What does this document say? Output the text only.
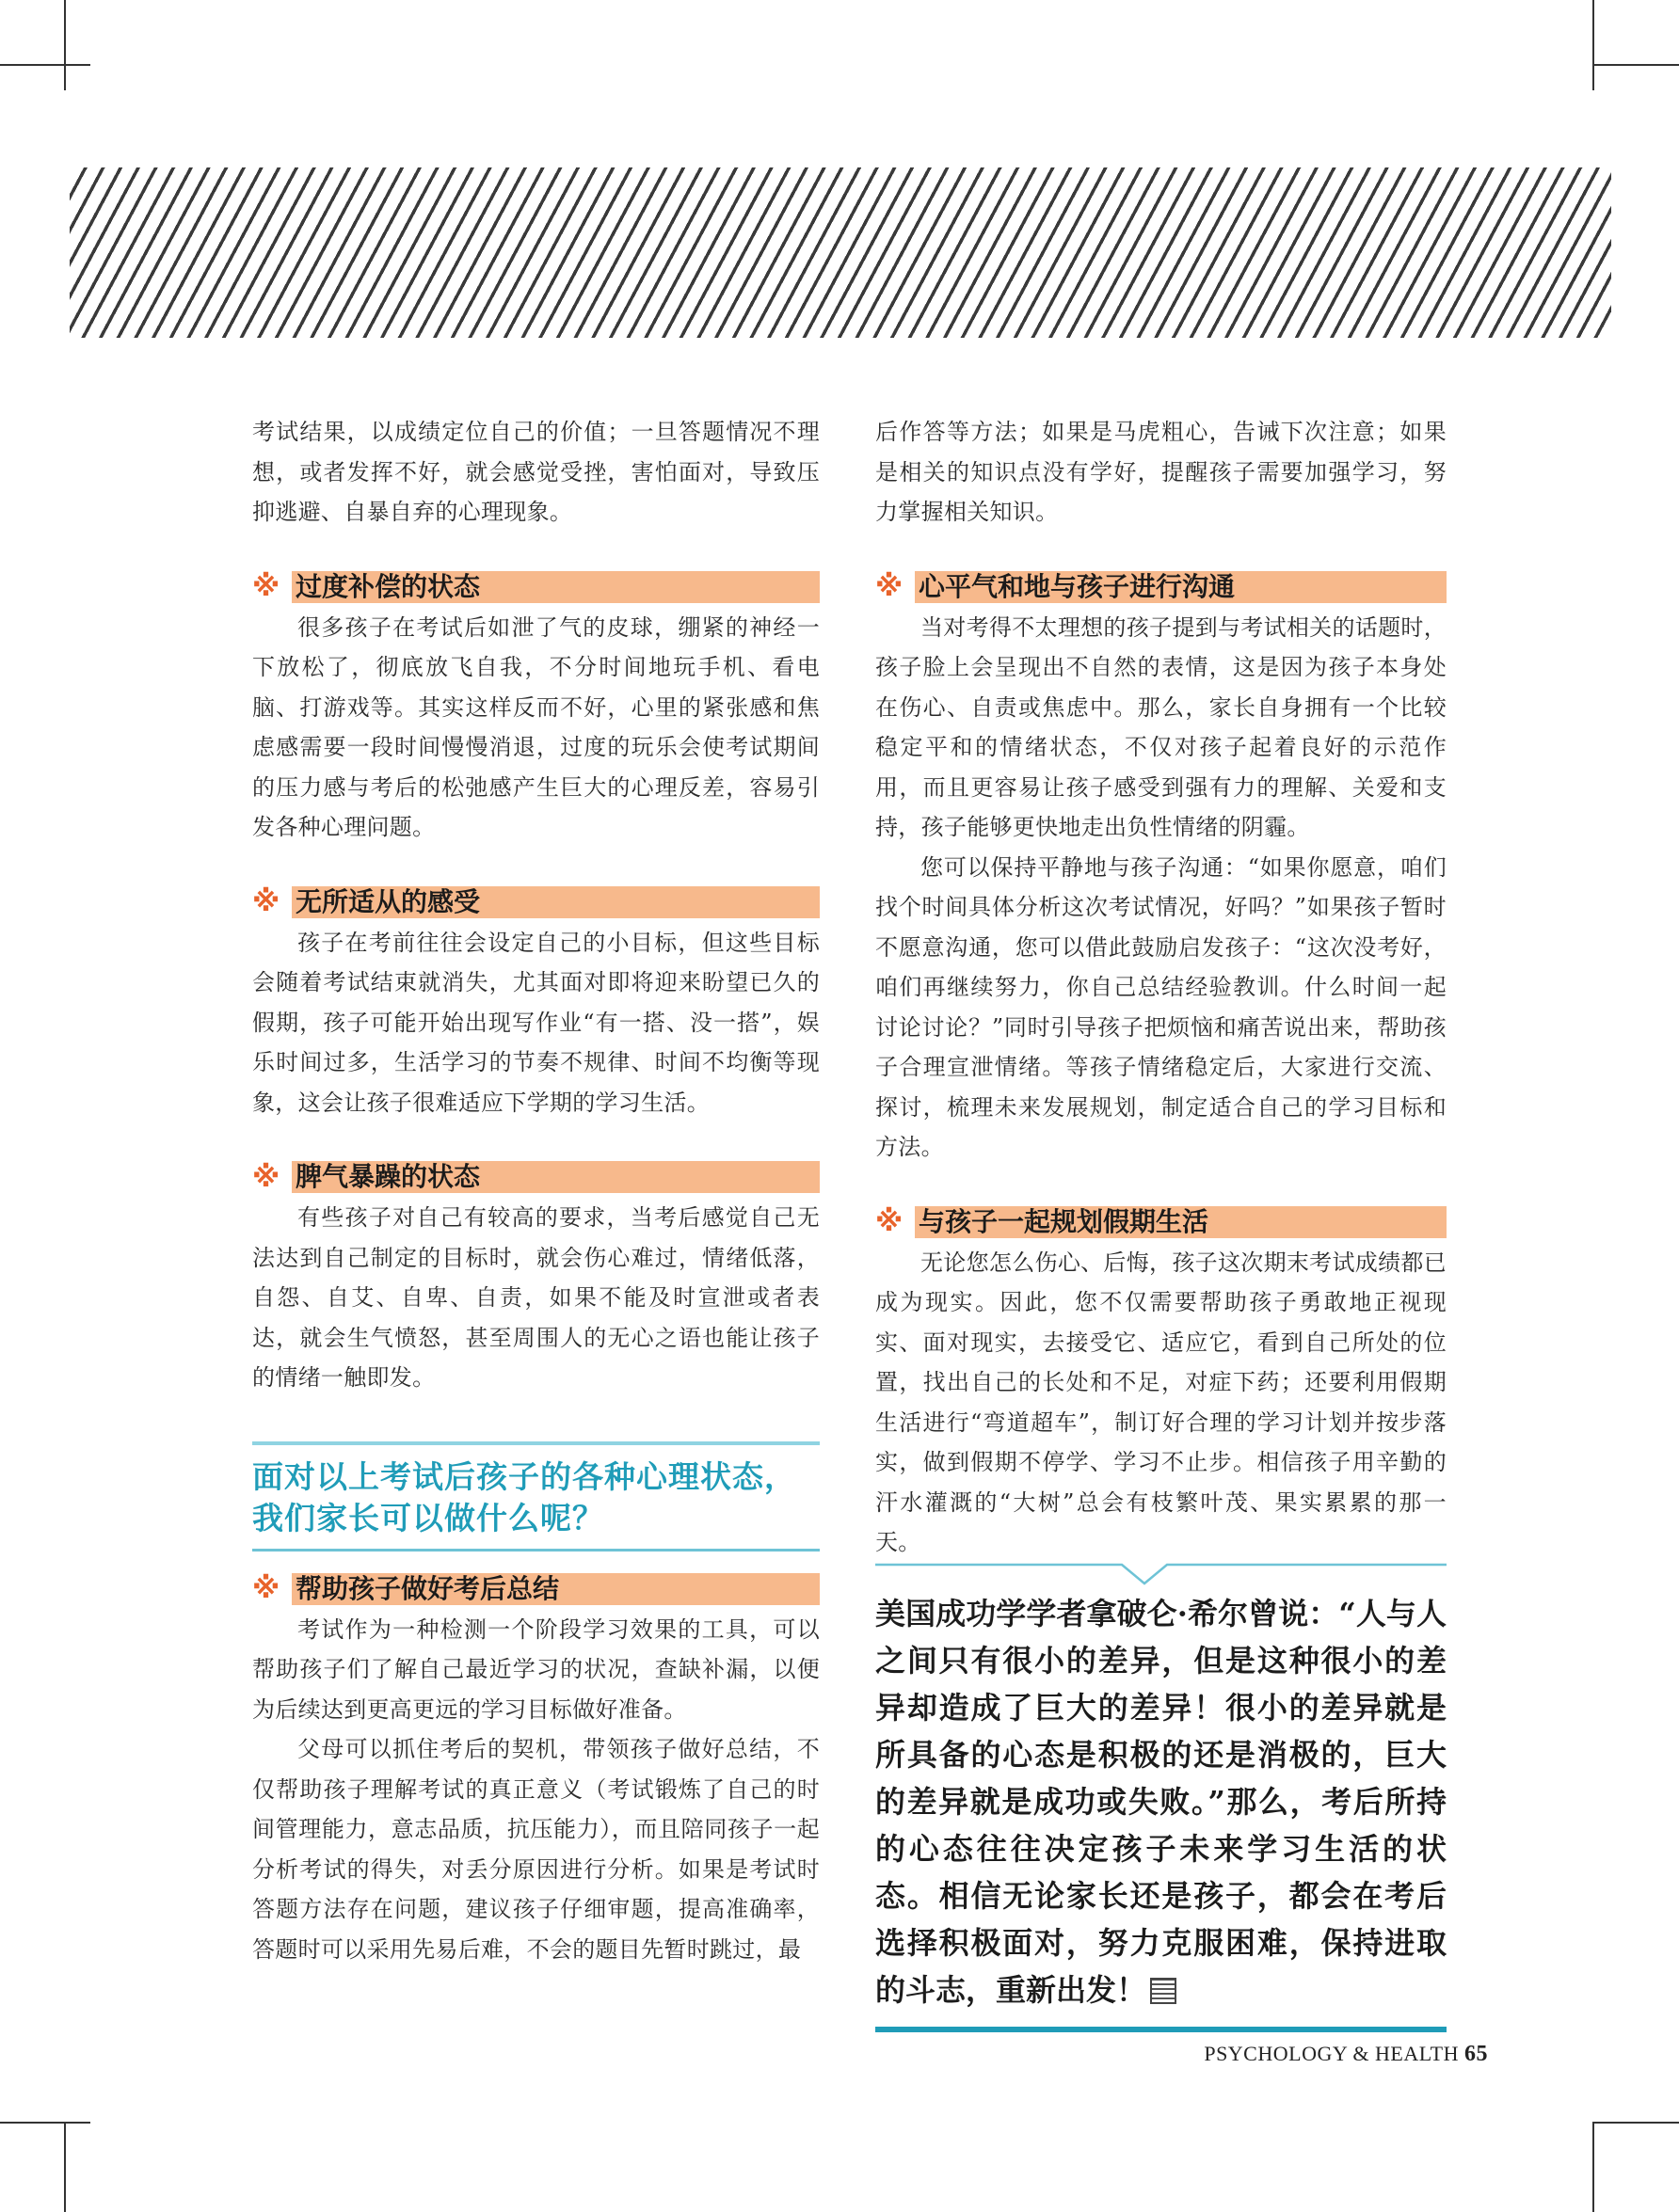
考试结果，以成绩定位自己的价值；一旦答题情况不理想，或者发挥不好，就会感觉受挫，害怕面对，导致压抑逃避、自暴自弃的心理现象。

※ 过度补偿的状态

很多孩子在考试后如泄了气的皮球，绷紧的神经一下放松了，彻底放飞自我，不分时间地玩手机、看电脑、打游戏等。其实这样反而不好，心里的紧张感和焦虑感需要一段时间慢慢消退，过度的玩乐会使考试期间的压力感与考后的松弛感产生巨大的心理反差，容易引发各种心理问题。

※ 无所适从的感受

孩子在考前往往会设定自己的小目标，但这些目标会随着考试结束就消失，尤其面对即将迎来盼望已久的假期，孩子可能开始出现写作业“有一搭、没一搭”，娱乐时间过多，生活学习的节奏不规律、时间不均衡等现象，这会让孩子很难适应下学期的学习生活。

※ 脾气暴躁的状态

有些孩子对自己有较高的要求，当考后感觉自己无法达到自己制定的目标时，就会伤心难过，情绪低落，自怨、自艾、自卑、自责，如果不能及时宣泄或者表达，就会生气愤怒，甚至周围人的无心之语也能让孩子的情绪一触即发。

面对以上考试后孩子的各种心理状态，我们家长可以做什么呢？
※ 帮助孩子做好考后总结

考试作为一种检测一个阶段学习效果的工具，可以帮助孩子们了解自己最近学习的状况，查缺补漏，以便为后续达到更高更远的学习目标做好准备。

父母可以抓住考后的契机，带领孩子做好总结，不仅帮助孩子理解考试的真正意义（考试锻炼了自己的时间管理能力，意志品质，抗压能力），而且陪同孩子一起分析考试的得失，对丢分原因进行分析。如果是考试时答题方法存在问题，建议孩子仔细审题，提高准确率，答题时可以采用先易后难，不会的题目先暂时跳过，最

后作答等方法；如果是马虎粗心，告诫下次注意；如果是相关的知识点没有学好，提醒孩子需要加强学习，努力掌握相关知识。

※ 心平气和地与孩子进行沟通

当对考得不太理想的孩子提到与考试相关的话题时，孩子脸上会呈现出不自然的表情，这是因为孩子本身处在伤心、自责或焦虑中。那么，家长自身拥有一个比较稳定平和的情绪状态，不仅对孩子起着良好的示范作用，而且更容易让孩子感受到强有力的理解、关爱和支持，孩子能够更快地走出负性情绪的阴霾。

您可以保持平静地与孩子沟通：“如果你愿意，咱们找个时间具体分析这次考试情况，好吗？”如果孩子暂时不愿意沟通，您可以借此鼓励启发孩子：“这次没考好，咱们再继续努力，你自己总结经验教训。什么时间一起讨论讨论？”同时引导孩子把烦恼和痛苦说出来，帮助孩子合理宣泄情绪。等孩子情绪稳定后，大家进行交流、探讨，梳理未来发展规划，制定适合自己的学习目标和方法。

※ 与孩子一起规划假期生活

无论您怎么伤心、后悔，孩子这次期末考试成绩都已成为现实。因此，您不仅需要帮助孩子勇敢地正视现实、面对现实，去接受它、适应它，看到自己所处的位置，找出自己的长处和不足，对症下药；还要利用假期生活进行“弯道超车”，制订好合理的学习计划并按步落实，做到假期不停学、学习不止步。相信孩子用辛勤的汗水灌溉的“大树”总会有枝繁叶茂、果实累累的那一天。

美国成功学学者拿破仑·希尔曾说：“人与人之间只有很小的差异，但是这种很小的差异却造成了巨大的差异！很小的差异就是所具备的心态是积极的还是消极的，巨大的差异就是成功或失败。”那么，考后所持的心态往往决定孩子未来学习生活的状态。相信无论家长还是孩子，都会在考后选择积极面对，努力克服困难，保持进取的斗志，重新出发！
PSYCHOLOGY & HEALTH 65
